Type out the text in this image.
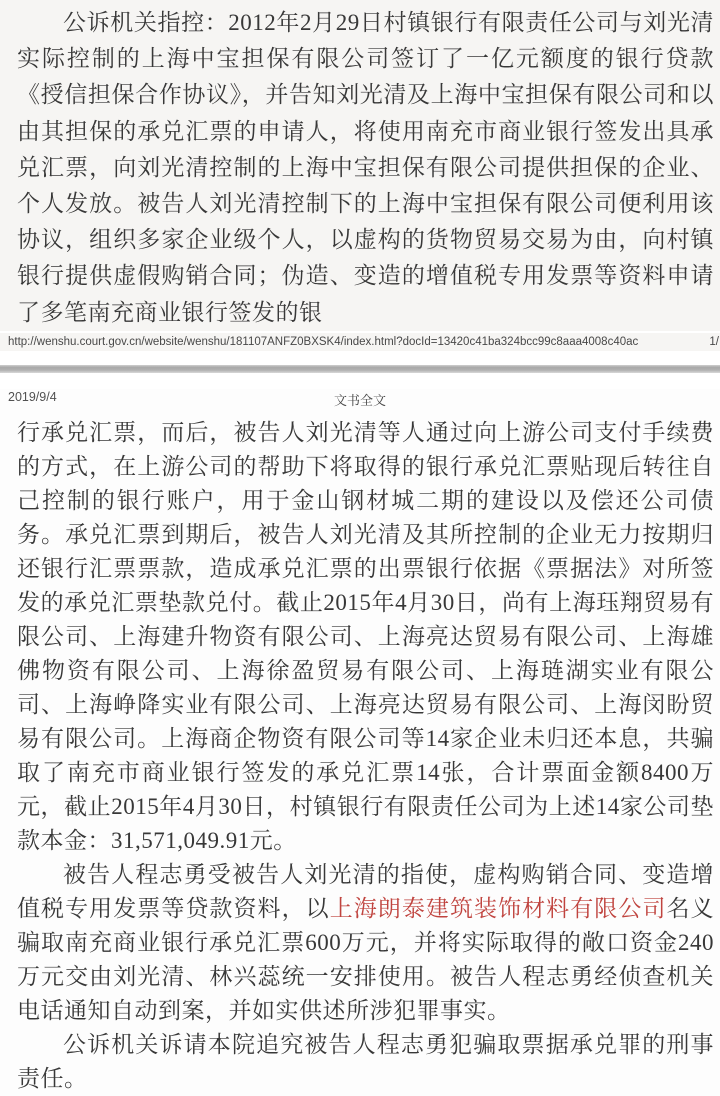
公诉机关指控：2012年2月29日村镇银行有限责任公司与刘光清实际控制的上海中宝担保有限公司签订了一亿元额度的银行贷款《授信担保合作协议》，并告知刘光清及上海中宝担保有限公司和以由其担保的承兑汇票的申请人，将使用南充市商业银行签发出具承兑汇票，向刘光清控制的上海中宝担保有限公司提供担保的企业、个人发放。被告人刘光清控制下的上海中宝担保有限公司便利用该协议，组织多家企业级个人，以虚构的货物贸易交易为由，向村镇银行提供虚假购销合同；伪造、变造的增值税专用发票等资料申请了多笔南充商业银行签发的银

http://wenshu.court.gov.cn/website/wenshu/181107ANFZ0BXSK4/index.html?docId=13420c41ba324bcc99c8aaa4008c40ac	1/
2019/9/4	文书全文

行承兑汇票，而后，被告人刘光清等人通过向上游公司支付手续费的方式，在上游公司的帮助下将取得的银行承兑汇票贴现后转往自己控制的银行账户，用于金山钢材城二期的建设以及偿还公司债务。承兑汇票到期后，被告人刘光清及其所控制的企业无力按期归还银行汇票票款，造成承兑汇票的出票银行依据《票据法》对所签发的承兑汇票垫款兑付。截止2015年4月30日，尚有上海珏翔贸易有限公司、上海建升物资有限公司、上海亮达贸易有限公司、上海雄佛物资有限公司、上海徐盈贸易有限公司、上海琏湖实业有限公司、上海峥降实业有限公司、上海亮达贸易有限公司、上海闵盼贸易有限公司。上海商企物资有限公司等14家企业未归还本息，共骗取了南充市商业银行签发的承兑汇票14张，合计票面金额8400万元，截止2015年4月30日，村镇银行有限责任公司为上述14家公司垫款本金：31,571,049.91元。

被告人程志勇受被告人刘光清的指使，虚构购销合同、变造增值税专用发票等贷款资料，以上海朗泰建筑装饰材料有限公司名义骗取南充商业银行承兑汇票600万元，并将实际取得的敞口资金240万元交由刘光清、林兴蕊统一安排使用。被告人程志勇经侦查机关电话通知自动到案，并如实供述所涉犯罪事实。

公诉机关诉请本院追究被告人程志勇犯骗取票据承兑罪的刑事责任。
